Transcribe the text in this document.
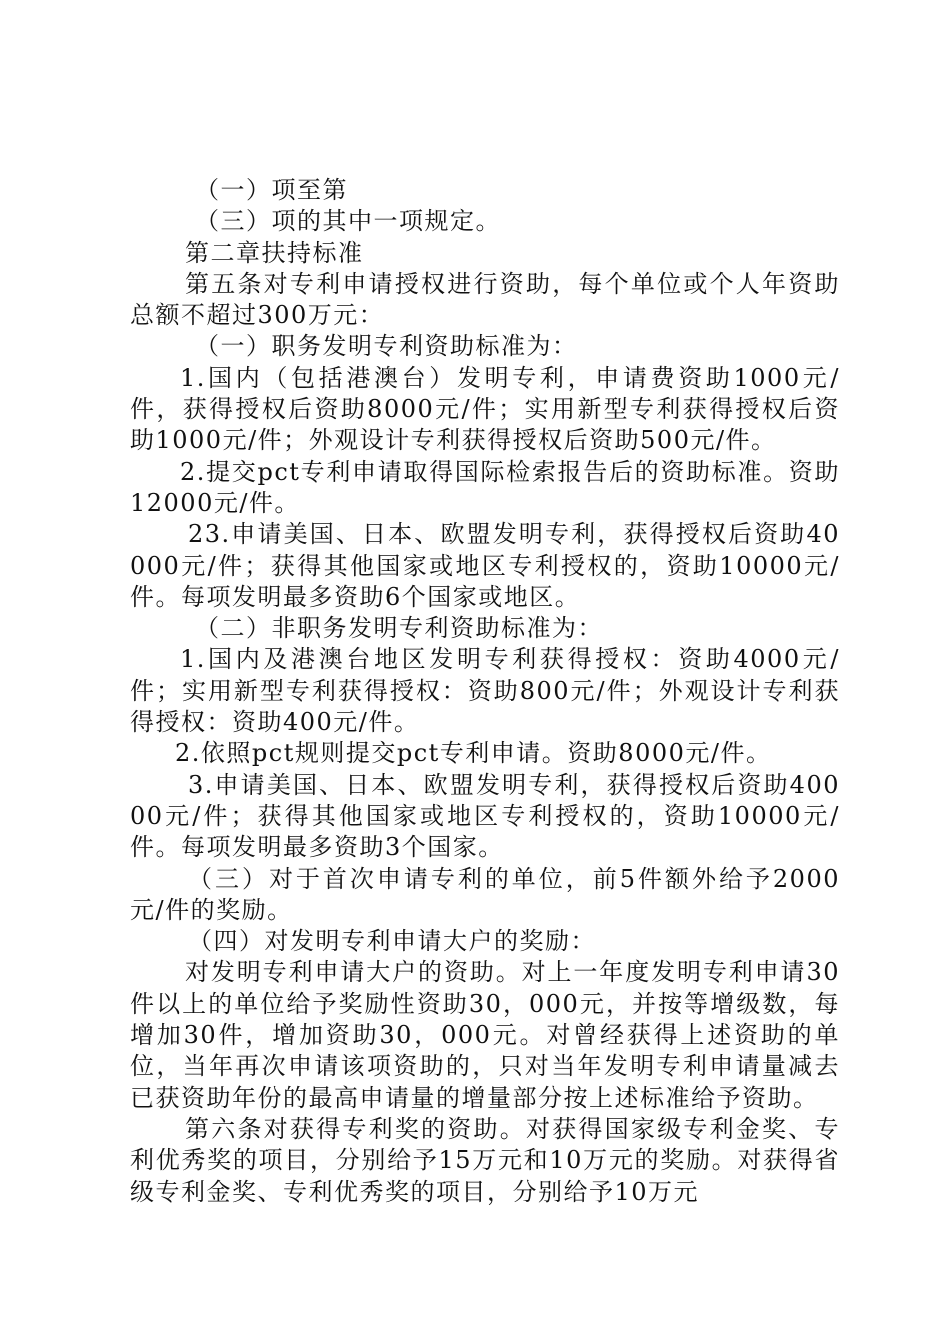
（一）项至第

（三）项的其中一项规定。

第二章扶持标准

第五条对专利申请授权进行资助，每个单位或个人年资助总额不超过300万元：

（一）职务发明专利资助标准为：

1.国内（包括港澳台）发明专利，申请费资助1000元/件，获得授权后资助8000元/件；实用新型专利获得授权后资助1000元/件；外观设计专利获得授权后资助500元/件。

2.提交pct专利申请取得国际检索报告后的资助标准。资助12000元/件。

23.申请美国、日本、欧盟发明专利，获得授权后资助40000元/件；获得其他国家或地区专利授权的，资助10000元/件。每项发明最多资助6个国家或地区。

（二）非职务发明专利资助标准为：

1.国内及港澳台地区发明专利获得授权：资助4000元/件；实用新型专利获得授权：资助800元/件；外观设计专利获得授权：资助400元/件。

2.依照pct规则提交pct专利申请。资助8000元/件。

3.申请美国、日本、欧盟发明专利，获得授权后资助40000元/件；获得其他国家或地区专利授权的，资助10000元/件。每项发明最多资助3个国家。

（三）对于首次申请专利的单位，前5件额外给予2000元/件的奖励。

（四）对发明专利申请大户的奖励：

对发明专利申请大户的资助。对上一年度发明专利申请30件以上的单位给予奖励性资助30，000元，并按等增级数，每增加30件，增加资助30，000元。对曾经获得上述资助的单位，当年再次申请该项资助的，只对当年发明专利申请量减去已获资助年份的最高申请量的增量部分按上述标准给予资助。

第六条对获得专利奖的资助。对获得国家级专利金奖、专利优秀奖的项目，分别给予15万元和10万元的奖励。对获得省级专利金奖、专利优秀奖的项目，分别给予10万元
